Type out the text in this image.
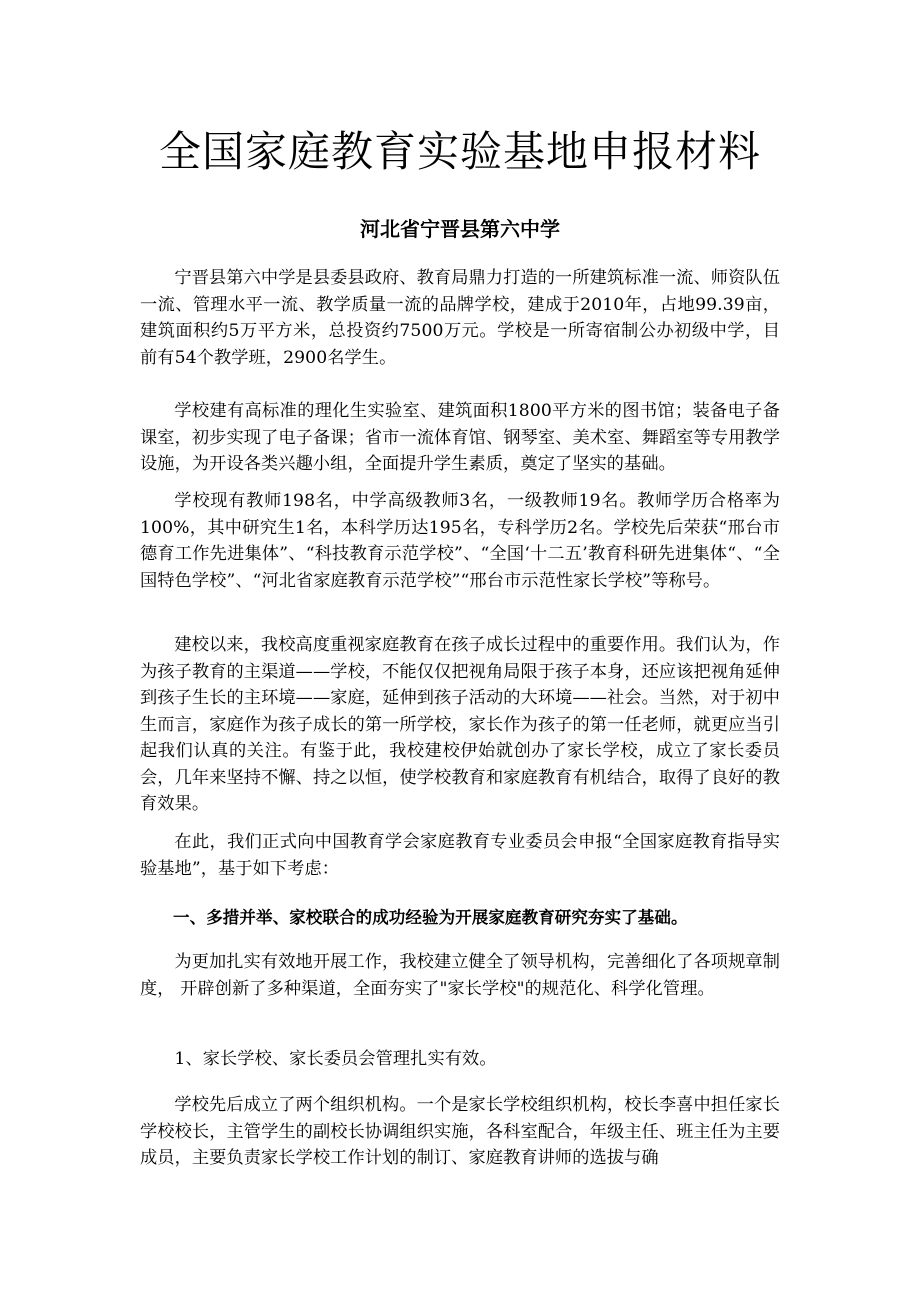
全国家庭教育实验基地申报材料
河北省宁晋县第六中学

宁晋县第六中学是县委县政府、教育局鼎力打造的一所建筑标准一流、师资队伍一流、管理水平一流、教学质量一流的品牌学校，建成于2010年，占地99.39亩，建筑面积约5万平方米，总投资约7500万元。学校是一所寄宿制公办初级中学，目前有54个教学班，2900名学生。

学校建有高标准的理化生实验室、建筑面积1800平方米的图书馆；装备电子备课室，初步实现了电子备课；省市一流体育馆、钢琴室、美术室、舞蹈室等专用教学设施，为开设各类兴趣小组，全面提升学生素质，奠定了坚实的基础。

学校现有教师198名，中学高级教师3名，一级教师19名。教师学历合格率为100%，其中研究生1名，本科学历达195名，专科学历2名。学校先后荣获“邢台市德育工作先进集体”、“科技教育示范学校”、“全国‘十二五’教育科研先进集体“、“全国特色学校”、“河北省家庭教育示范学校”“邢台市示范性家长学校”等称号。

建校以来，我校高度重视家庭教育在孩子成长过程中的重要作用。我们认为，作为孩子教育的主渠道——学校，不能仅仅把视角局限于孩子本身，还应该把视角延伸到孩子生长的主环境——家庭，延伸到孩子活动的大环境——社会。当然，对于初中生而言，家庭作为孩子成长的第一所学校，家长作为孩子的第一任老师，就更应当引起我们认真的关注。有鉴于此，我校建校伊始就创办了家长学校，成立了家长委员会，几年来坚持不懈、持之以恒，使学校教育和家庭教育有机结合，取得了良好的教育效果。

在此，我们正式向中国教育学会家庭教育专业委员会申报“全国家庭教育指导实验基地”，基于如下考虑：

一、多措并举、家校联合的成功经验为开展家庭教育研究夯实了基础。

为更加扎实有效地开展工作，我校建立健全了领导机构，完善细化了各项规章制度， 开辟创新了多种渠道，全面夯实了"家长学校"的规范化、科学化管理。

1、家长学校、家长委员会管理扎实有效。

学校先后成立了两个组织机构。一个是家长学校组织机构，校长李喜中担任家长学校校长，主管学生的副校长协调组织实施，各科室配合，年级主任、班主任为主要成员，主要负责家长学校工作计划的制订、家庭教育讲师的选拔与确
